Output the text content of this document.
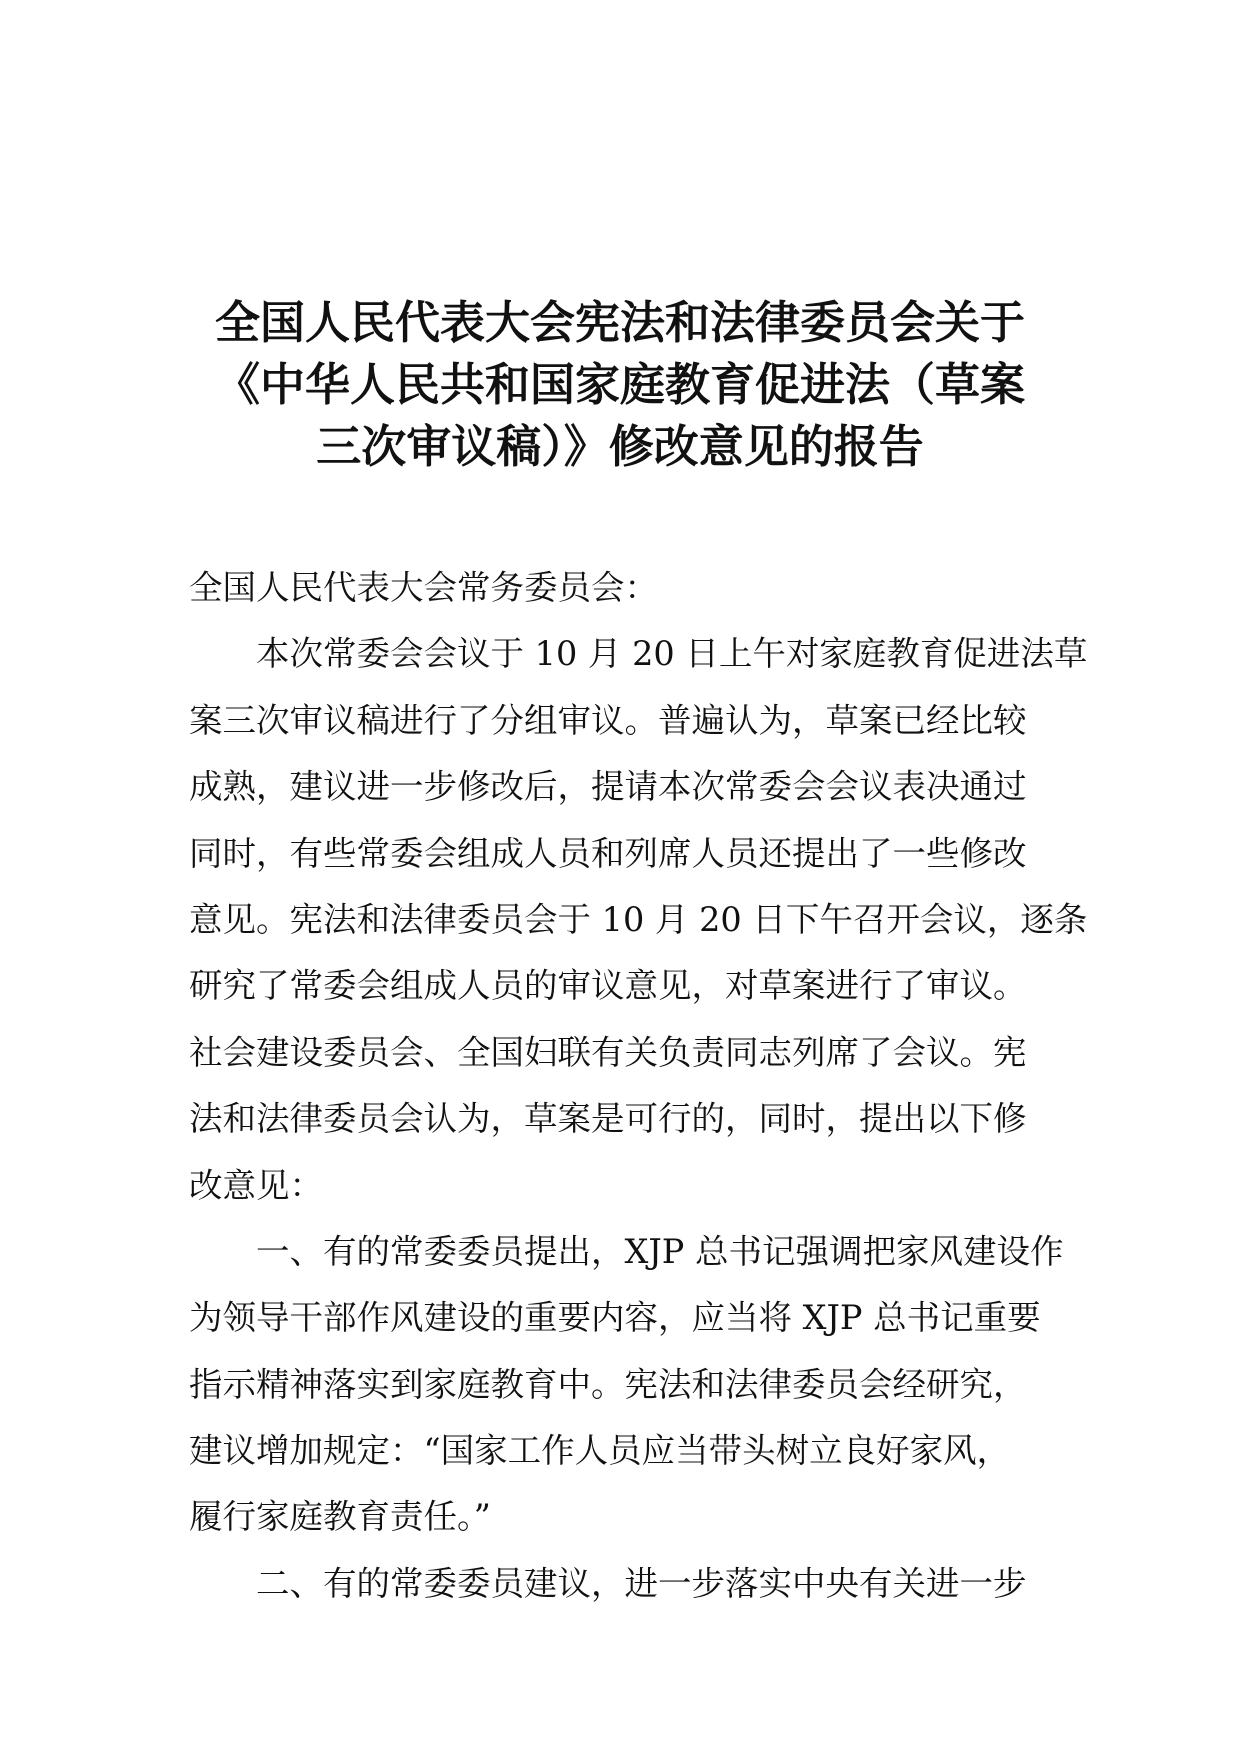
全国人民代表大会宪法和法律委员会关于
《中华人民共和国家庭教育促进法（草案
三次审议稿）》修改意见的报告
全国人民代表大会常务委员会：
本次常委会会议于 10 月 20 日上午对家庭教育促进法草
案三次审议稿进行了分组审议。普遍认为，草案已经比较
成熟，建议进一步修改后，提请本次常委会会议表决通过
同时，有些常委会组成人员和列席人员还提出了一些修改
意见。宪法和法律委员会于 10 月 20 日下午召开会议，逐条
研究了常委会组成人员的审议意见，对草案进行了审议。
社会建设委员会、全国妇联有关负责同志列席了会议。宪
法和法律委员会认为，草案是可行的，同时，提出以下修
改意见：
一、有的常委委员提出，XJP 总书记强调把家风建设作
为领导干部作风建设的重要内容，应当将 XJP 总书记重要
指示精神落实到家庭教育中。宪法和法律委员会经研究，
建议增加规定：“国家工作人员应当带头树立良好家风，
履行家庭教育责任。”
二、有的常委委员建议，进一步落实中央有关进一步
